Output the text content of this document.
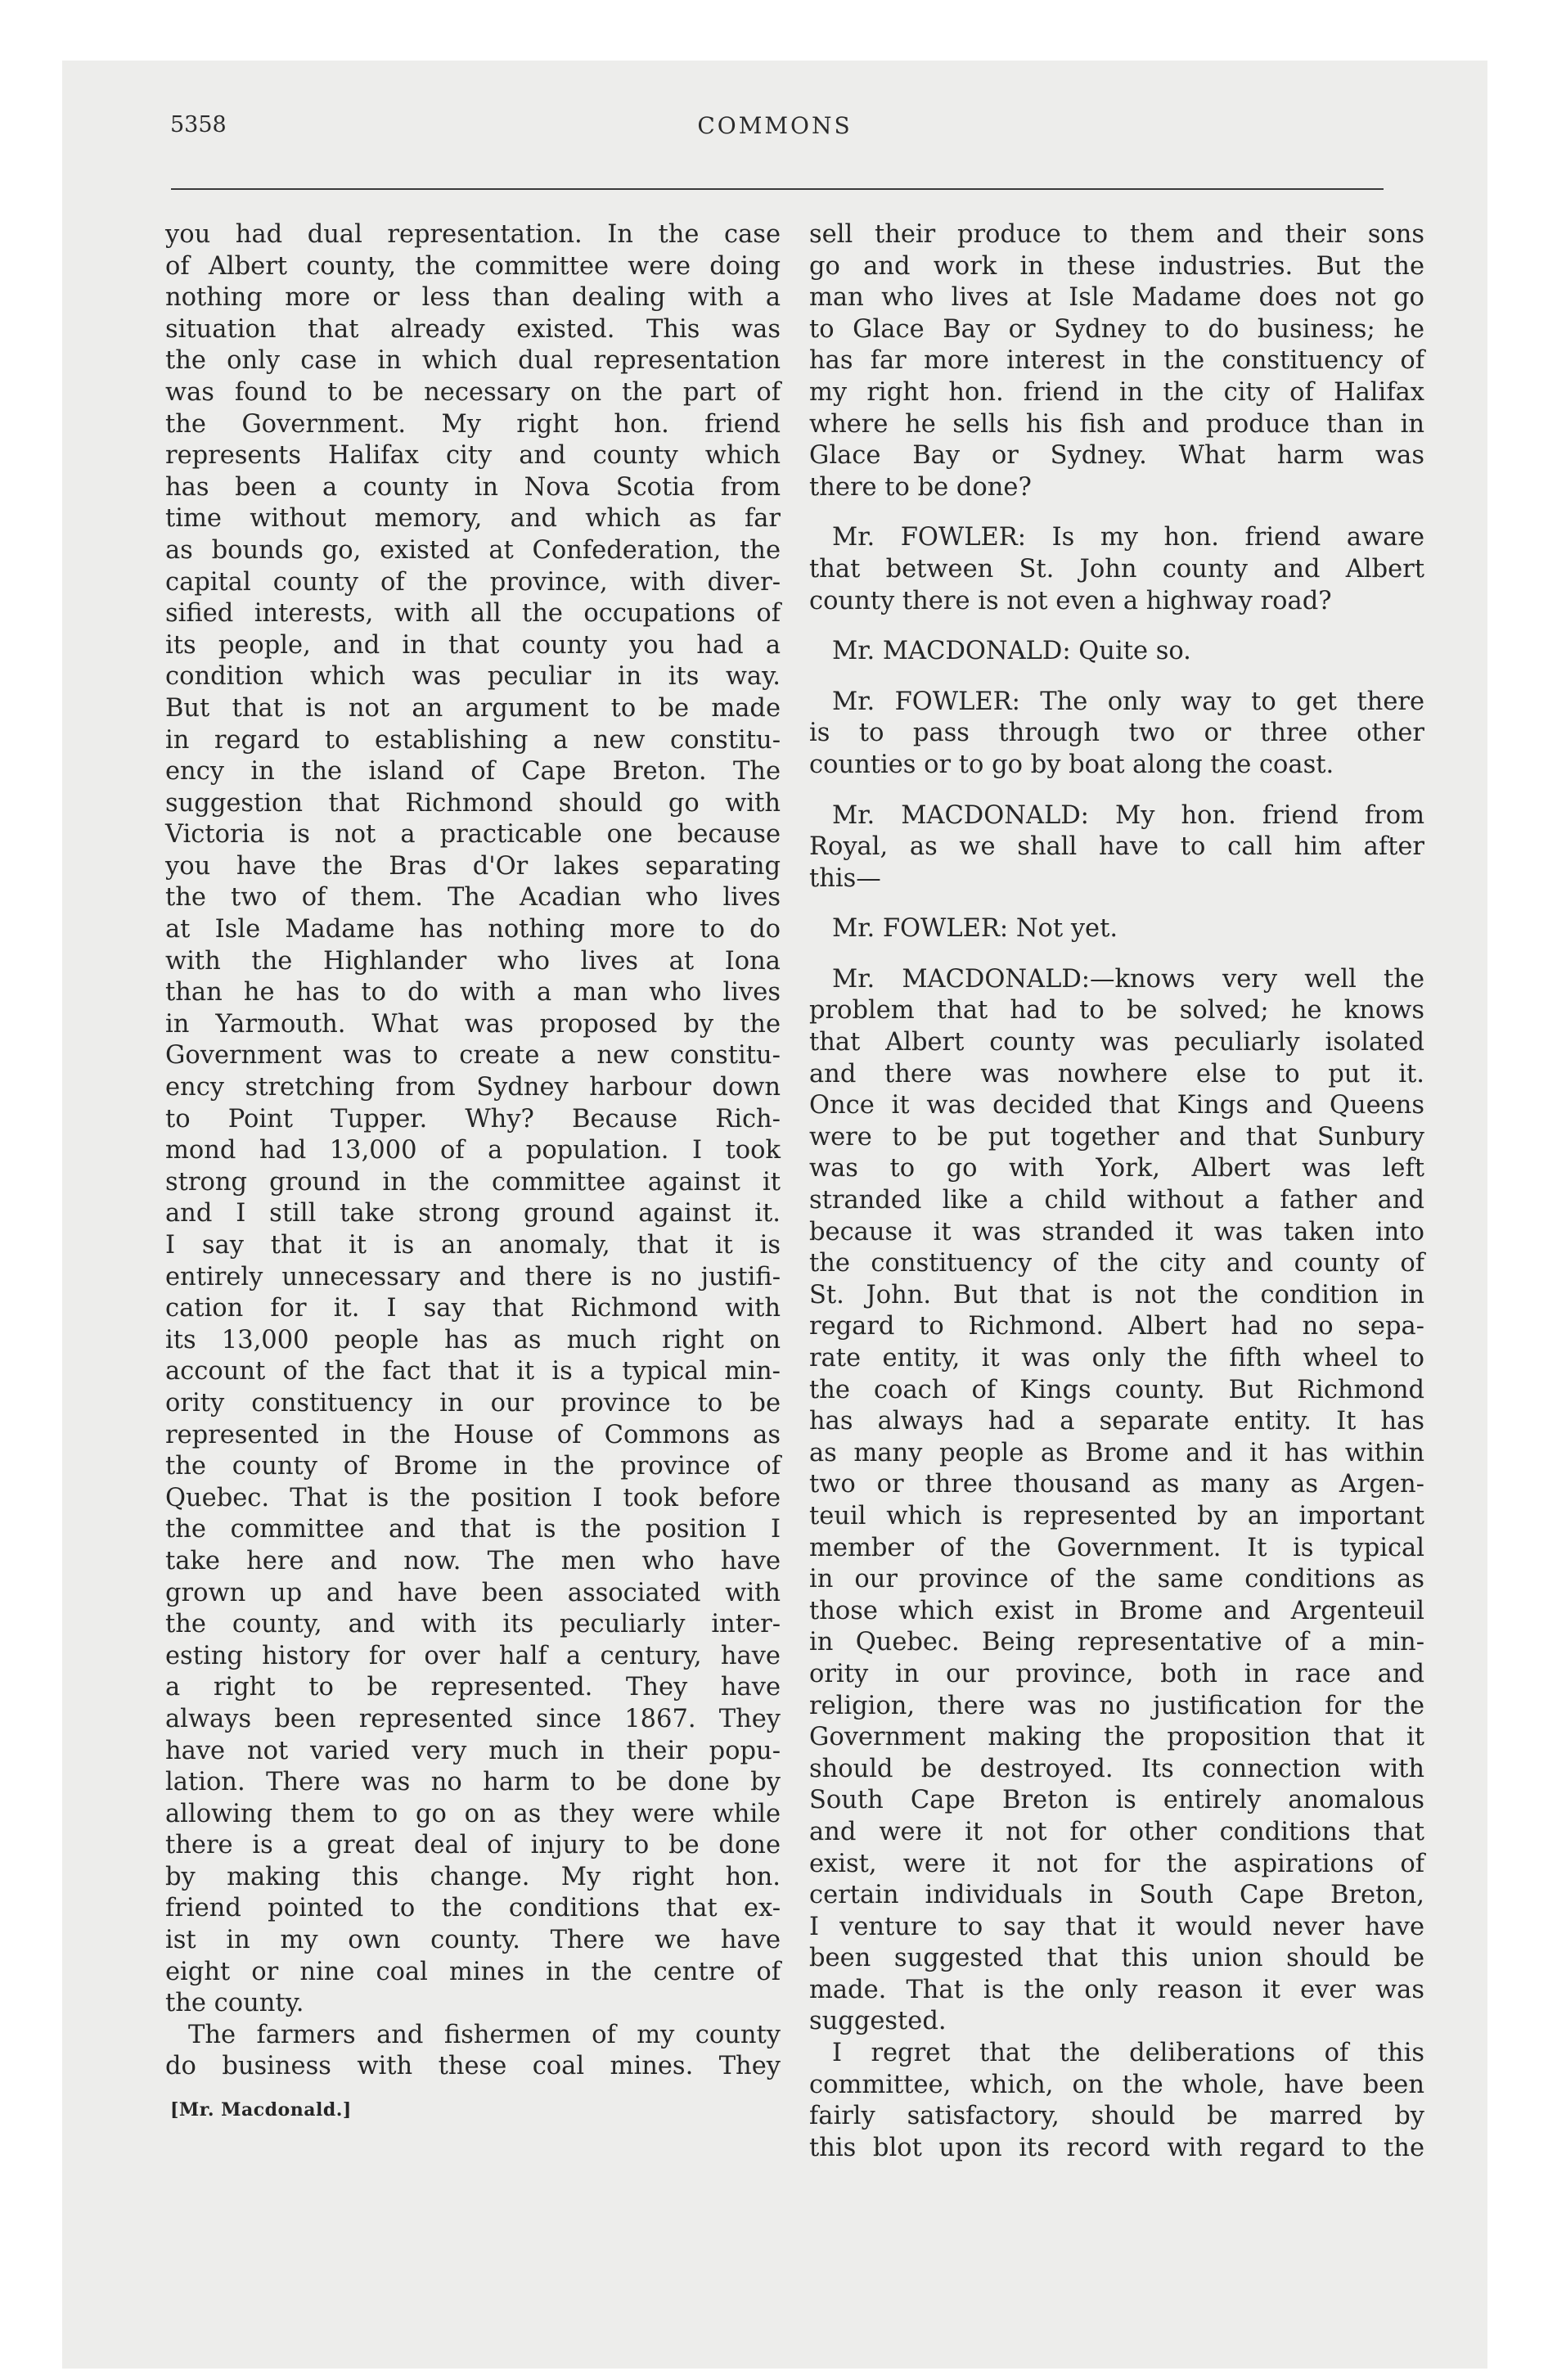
5358	COMMONS
you had dual representation. In the case
of Albert county, the committee were doing
nothing more or less than dealing with a
situation that already existed. This was
the only case in which dual representation
was found to be necessary on the part of
the Government. My right hon. friend
represents Halifax city and county which
has been a county in Nova Scotia from
time without memory, and which as far
as bounds go, existed at Confederation, the
capital county of the province, with diver-
sified interests, with all the occupations of
its people, and in that county you had a
condition which was peculiar in its way.
But that is not an argument to be made
in regard to establishing a new constitu-
ency in the island of Cape Breton. The
suggestion that Richmond should go with
Victoria is not a practicable one because
you have the Bras d'Or lakes separating
the two of them. The Acadian who lives
at Isle Madame has nothing more to do
with the Highlander who lives at Iona
than he has to do with a man who lives
in Yarmouth. What was proposed by the
Government was to create a new constitu-
ency stretching from Sydney harbour down
to Point Tupper. Why? Because Rich-
mond had 13,000 of a population. I took
strong ground in the committee against it
and I still take strong ground against it.
I say that it is an anomaly, that it is
entirely unnecessary and there is no justifi-
cation for it. I say that Richmond with
its 13,000 people has as much right on
account of the fact that it is a typical min-
ority constituency in our province to be
represented in the House of Commons as
the county of Brome in the province of
Quebec. That is the position I took before
the committee and that is the position I
take here and now. The men who have
grown up and have been associated with
the county, and with its peculiarly inter-
esting history for over half a century, have
a right to be represented. They have
always been represented since 1867. They
have not varied very much in their popu-
lation. There was no harm to be done by
allowing them to go on as they were while
there is a great deal of injury to be done
by making this change. My right hon.
friend pointed to the conditions that ex-
ist in my own county. There we have
eight or nine coal mines in the centre of
the county.
The farmers and fishermen of my county
do business with these coal mines. They
[Mr. Macdonald.]
sell their produce to them and their sons
go and work in these industries. But the
man who lives at Isle Madame does not go
to Glace Bay or Sydney to do business; he
has far more interest in the constituency of
my right hon. friend in the city of Halifax
where he sells his fish and produce than in
Glace Bay or Sydney. What harm was
there to be done?
Mr. FOWLER: Is my hon. friend aware
that between St. John county and Albert
county there is not even a highway road?
Mr. MACDONALD: Quite so.
Mr. FOWLER: The only way to get there
is to pass through two or three other
counties or to go by boat along the coast.
Mr. MACDONALD: My hon. friend from
Royal, as we shall have to call him after
this—
Mr. FOWLER: Not yet.
Mr. MACDONALD:—knows very well the
problem that had to be solved; he knows
that Albert county was peculiarly isolated
and there was nowhere else to put it.
Once it was decided that Kings and Queens
were to be put together and that Sunbury
was to go with York, Albert was left
stranded like a child without a father and
because it was stranded it was taken into
the constituency of the city and county of
St. John. But that is not the condition in
regard to Richmond. Albert had no sepa-
rate entity, it was only the fifth wheel to
the coach of Kings county. But Richmond
has always had a separate entity. It has
as many people as Brome and it has within
two or three thousand as many as Argen-
teuil which is represented by an important
member of the Government. It is typical
in our province of the same conditions as
those which exist in Brome and Argenteuil
in Quebec. Being representative of a min-
ority in our province, both in race and
religion, there was no justification for the
Government making the proposition that it
should be destroyed. Its connection with
South Cape Breton is entirely anomalous
and were it not for other conditions that
exist, were it not for the aspirations of
certain individuals in South Cape Breton,
I venture to say that it would never have
been suggested that this union should be
made. That is the only reason it ever was
suggested.
I regret that the deliberations of this
committee, which, on the whole, have been
fairly satisfactory, should be marred by
this blot upon its record with regard to the
